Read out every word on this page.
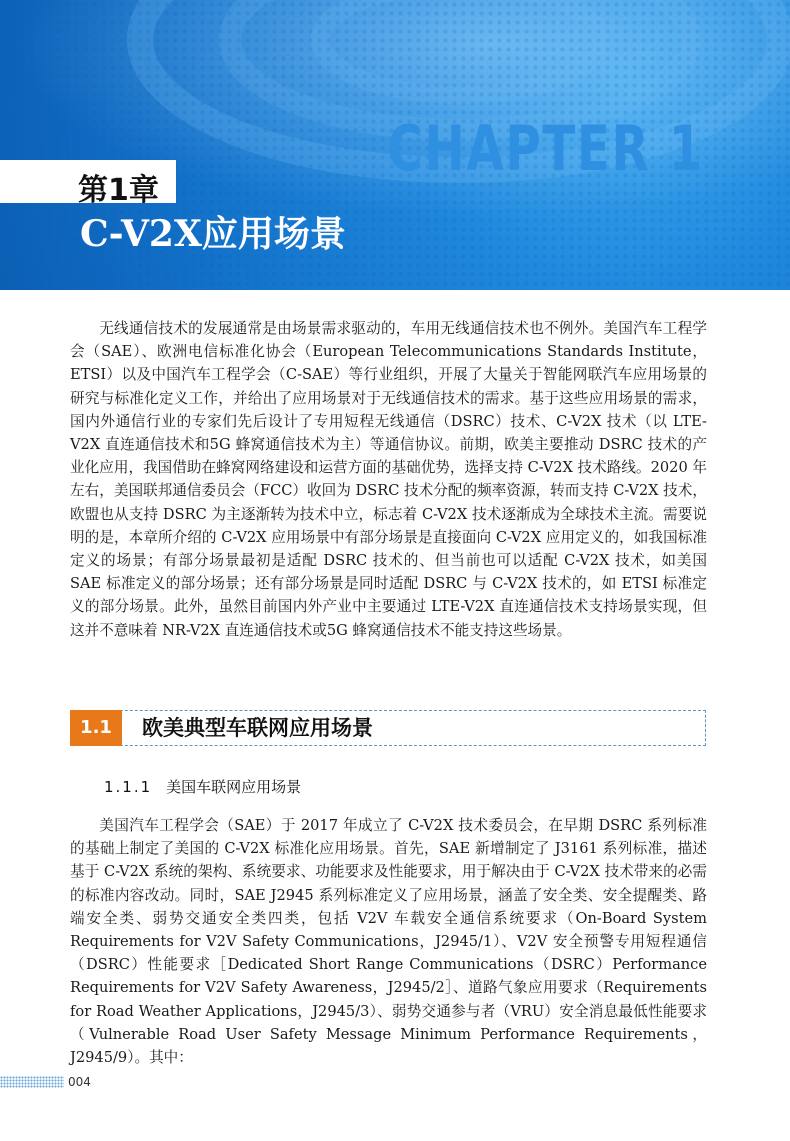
CHAPTER 1
第1章
C-V2X应用场景

无线通信技术的发展通常是由场景需求驱动的，车用无线通信技术也不例外。美国汽车工程学会（SAE）、欧洲电信标准化协会（European Telecommunications Standards Institute，ETSI）以及中国汽车工程学会（C-SAE）等行业组织，开展了大量关于智能网联汽车应用场景的研究与标准化定义工作，并给出了应用场景对于无线通信技术的需求。基于这些应用场景的需求，国内外通信行业的专家们先后设计了专用短程无线通信（DSRC）技术、C-V2X 技术（以 LTE-V2X 直连通信技术和5G 蜂窝通信技术为主）等通信协议。前期，欧美主要推动 DSRC 技术的产业化应用，我国借助在蜂窝网络建设和运营方面的基础优势，选择支持 C-V2X 技术路线。2020 年左右，美国联邦通信委员会（FCC）收回为 DSRC 技术分配的频率资源，转而支持 C-V2X 技术，欧盟也从支持 DSRC 为主逐渐转为技术中立，标志着 C-V2X 技术逐渐成为全球技术主流。需要说明的是，本章所介绍的 C-V2X 应用场景中有部分场景是直接面向 C-V2X 应用定义的，如我国标准定义的场景；有部分场景最初是适配 DSRC 技术的、但当前也可以适配 C-V2X 技术，如美国 SAE 标准定义的部分场景；还有部分场景是同时适配 DSRC 与 C-V2X 技术的，如 ETSI 标准定义的部分场景。此外，虽然目前国内外产业中主要通过 LTE-V2X 直连通信技术支持场景实现，但这并不意味着 NR-V2X 直连通信技术或5G 蜂窝通信技术不能支持这些场景。

1.1	欧美典型车联网应用场景
1.1.1 美国车联网应用场景

美国汽车工程学会（SAE）于 2017 年成立了 C-V2X 技术委员会，在早期 DSRC 系列标准的基础上制定了美国的 C-V2X 标准化应用场景。首先，SAE 新增制定了 J3161 系列标准，描述基于 C-V2X 系统的架构、系统要求、功能要求及性能要求，用于解决由于 C-V2X 技术带来的必需的标准内容改动。同时，SAE J2945 系列标准定义了应用场景，涵盖了安全类、安全提醒类、路端安全类、弱势交通安全类四类，包括 V2V 车载安全通信系统要求（On-Board System Requirements for V2V Safety Communications，J2945/1）、V2V 安全预警专用短程通信（DSRC）性能要求［Dedicated Short Range Communications（DSRC）Performance Requirements for V2V Safety Awareness，J2945/2］、道路气象应用要求（Requirements for Road Weather Applications，J2945/3）、弱势交通参与者（VRU）安全消息最低性能要求（Vulnerable Road User Safety Message Minimum Performance Requirements，J2945/9）。其中：

004
